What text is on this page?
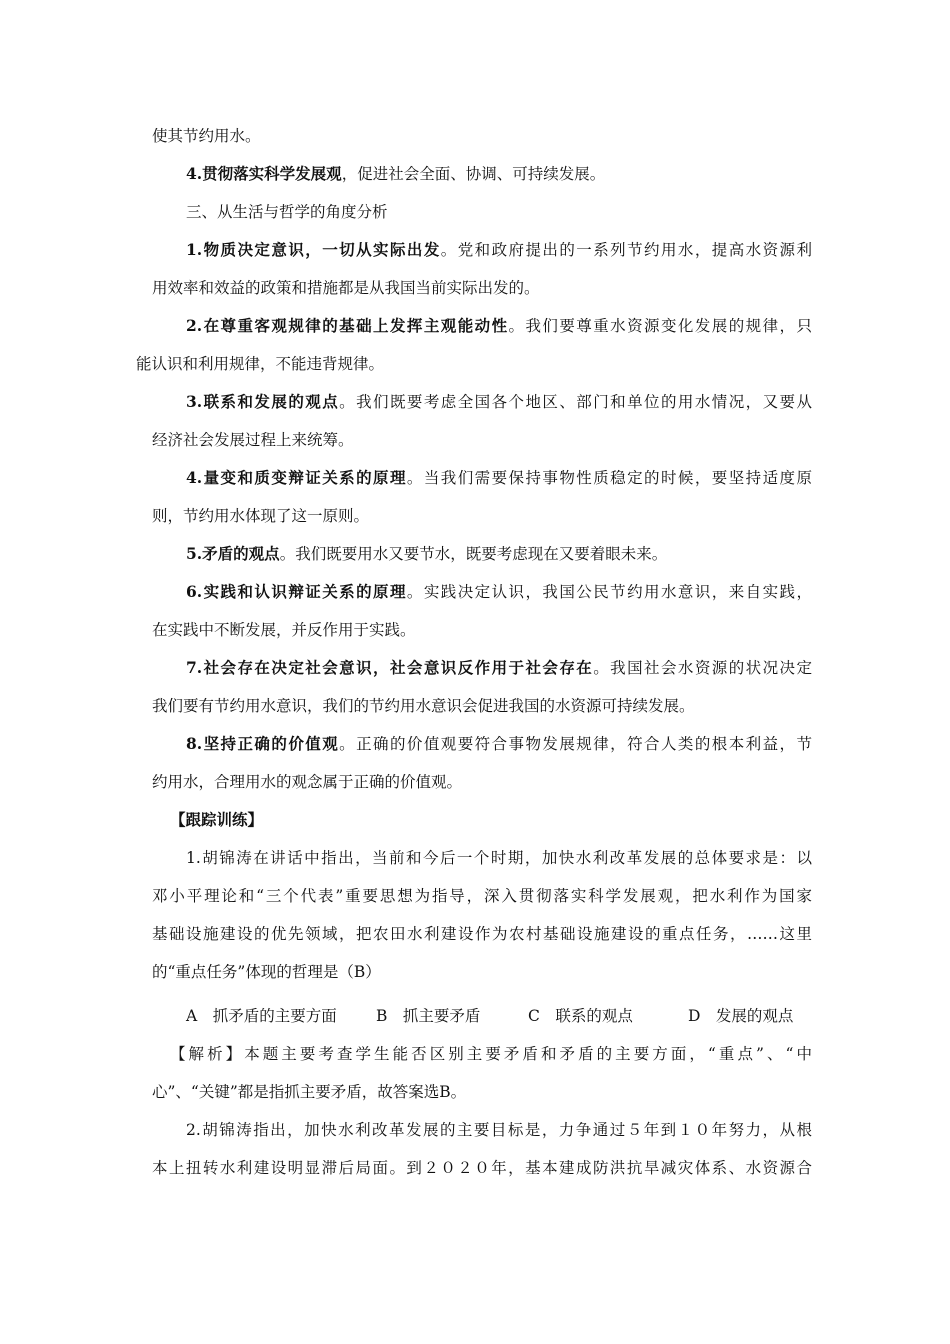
使其节约用水。
4.贯彻落实科学发展观，促进社会全面、协调、可持续发展。
三、从生活与哲学的角度分析
1.物质决定意识，一切从实际出发。党和政府提出的一系列节约用水，提高水资源利
用效率和效益的政策和措施都是从我国当前实际出发的。
2.在尊重客观规律的基础上发挥主观能动性。我们要尊重水资源变化发展的规律，只
能认识和利用规律，不能违背规律。
3.联系和发展的观点。我们既要考虑全国各个地区、部门和单位的用水情况，又要从
经济社会发展过程上来统筹。
4.量变和质变辩证关系的原理。当我们需要保持事物性质稳定的时候，要坚持适度原
则，节约用水体现了这一原则。
5.矛盾的观点。我们既要用水又要节水，既要考虑现在又要着眼未来。
6.实践和认识辩证关系的原理。实践决定认识，我国公民节约用水意识，来自实践，
在实践中不断发展，并反作用于实践。
7.社会存在决定社会意识，社会意识反作用于社会存在。我国社会水资源的状况决定
我们要有节约用水意识，我们的节约用水意识会促进我国的水资源可持续发展。
8.坚持正确的价值观。正确的价值观要符合事物发展规律，符合人类的根本利益，节
约用水，合理用水的观念属于正确的价值观。
【跟踪训练】
1.胡锦涛在讲话中指出，当前和今后一个时期，加快水利改革发展的总体要求是：以
邓小平理论和“三个代表”重要思想为指导，深入贯彻落实科学发展观，把水利作为国家
基础设施建设的优先领域，把农田水利建设作为农村基础设施建设的重点任务，……这里
的“重点任务”体现的哲理是（B）
A　抓矛盾的主要方面	B　抓主要矛盾	C　联系的观点	D　发展的观点
【解析】本题主要考查学生能否区别主要矛盾和矛盾的主要方面，“重点”、“中
心”、“关键”都是指抓主要矛盾，故答案选B。
2.胡锦涛指出，加快水利改革发展的主要目标是，力争通过５年到１０年努力，从根
本上扭转水利建设明显滞后局面。到２０２０年，基本建成防洪抗旱减灾体系、水资源合
